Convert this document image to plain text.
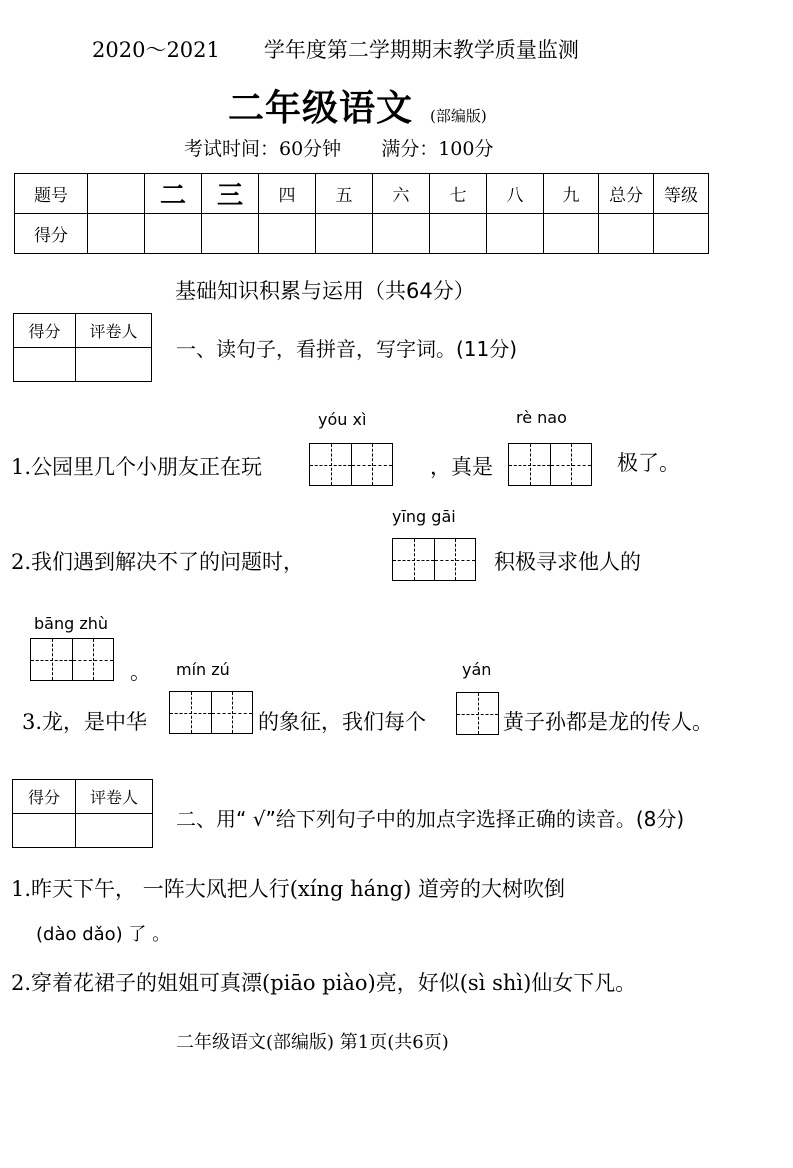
2020～2021 学年度第二学期期末教学质量监测
二年级语文 (部编版)
考试时间：60分钟 满分：100分
题号		二	三	四	五	六	七	八	九	总分	等级
得分											
基础知识积累与运用（共64分）
得分	评卷人

一、读句子，看拼音，写字词。(11分)
yóu xì	rè nao
1.公园里几个小朋友正在玩	，真是	极了。
yīng gāi
2.我们遇到解决不了的问题时，	积极寻求他人的
bāng zhù
。 mín zú	yán
3.龙，是中华	的象征，我们每个	黄子孙都是龙的传人。
得分	评卷人

二、用“ √”给下列句子中的加点字选择正确的读音。(8分)
1.昨天下午， 一阵大风把人行(xíng háng) 道旁的大树吹倒
(dào dǎo) 了 。
2.穿着花裙子的姐姐可真漂(piāo piào)亮，好似(sì shì)仙女下凡。
二年级语文(部编版) 第1页(共6页)
